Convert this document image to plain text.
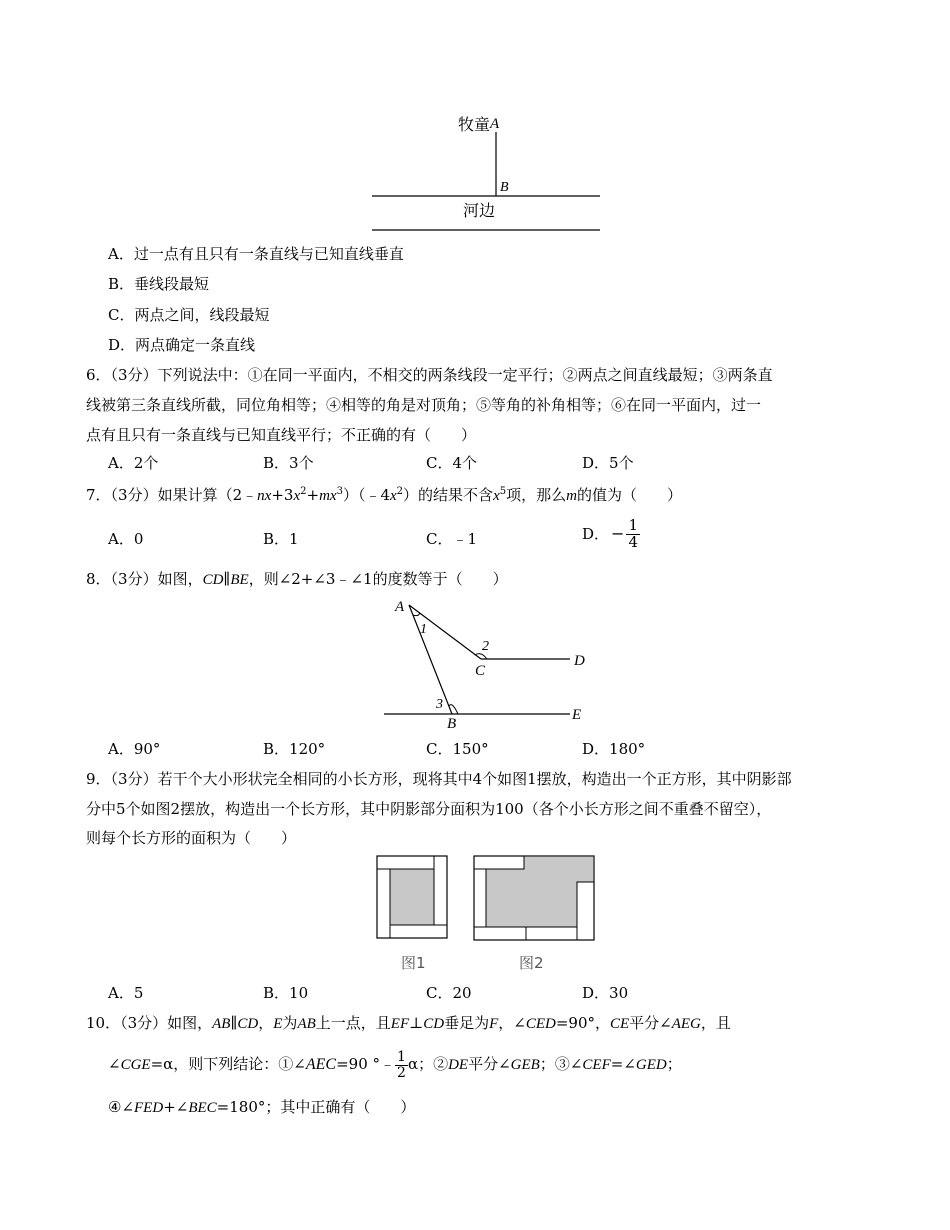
牧童 A
B
河边
A．过一点有且只有一条直线与已知直线垂直
B．垂线段最短
C．两点之间，线段最短
D．两点确定一条直线
6．（3分）下列说法中：①在同一平面内，不相交的两条线段一定平行；②两点之间直线最短；③两条直
线被第三条直线所截，同位角相等；④相等的角是对顶角；⑤等角的补角相等；⑥在同一平面内，过一
点有且只有一条直线与已知直线平行；不正确的有（　　）
A．2个	B．3个	C．4个	D．5个
7．（3分）如果计算$(2﹣nx+3x^2+mx^3)(﹣4x^2)$的结果不含$x^5$项，那么m的值为（　　）
A．0	B．1	C．﹣1	D． − $\frac{1}{4}$
8．（3分）如图，CD∥BE，则∠2+∠3﹣∠1的度数等于（　　）
A
1
2
C
D
3
B
E
A．90°	B．120°	C．150°	D．180°
9．（3分）若干个大小形状完全相同的小长方形，现将其中4个如图1摆放，构造出一个正方形，其中阴影部
分中5个如图2摆放，构造出一个长方形，其中阴影部分面积为100（各个小长方形之间不重叠不留空），
则每个长方形的面积为（　　）
图1	图2
A．5	B．10	C．20	D．30
10．（3分）如图，AB∥CD，E为AB上一点，且EF⊥CD垂足为F，∠CED=90°，CE平分∠AEG，且
∠CGE=α，则下列结论：①∠AEC=90 °﹣ $\frac{1}{2}$ α；②DE平分∠GEB；③∠CEF=∠GED；
④∠FED+∠BEC=180°；其中正确有（　　）
